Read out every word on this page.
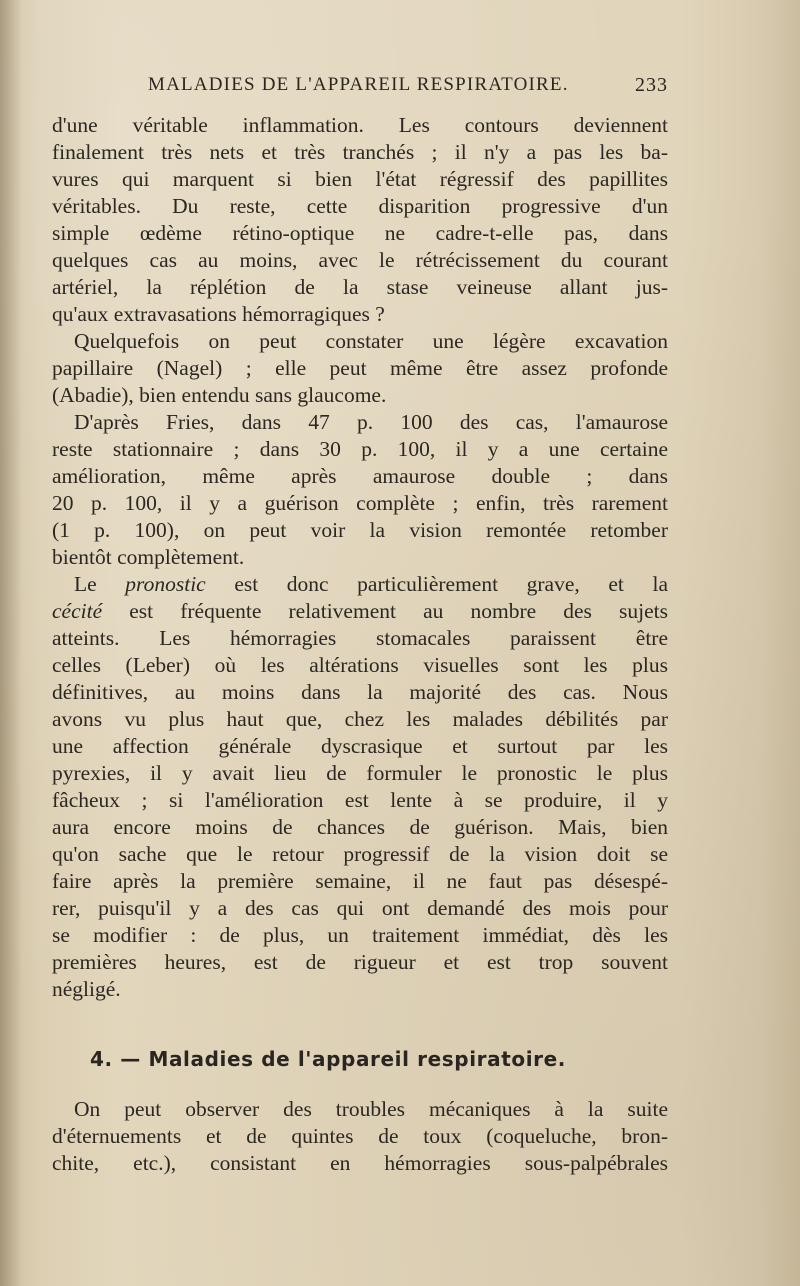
MALADIES DE L'APPAREIL RESPIRATOIRE.	233
d'une véritable inflammation. Les contours deviennent
finalement très nets et très tranchés ; il n'y a pas les ba-
vures qui marquent si bien l'état régressif des papillites
véritables. Du reste, cette disparition progressive d'un
simple œdème rétino-optique ne cadre-t-elle pas, dans
quelques cas au moins, avec le rétrécissement du courant
artériel, la réplétion de la stase veineuse allant jus-
qu'aux extravasations hémorragiques ?
Quelquefois on peut constater une légère excavation
papillaire (Nagel) ; elle peut même être assez profonde
(Abadie), bien entendu sans glaucome.
D'après Fries, dans 47 p. 100 des cas, l'amaurose
reste stationnaire ; dans 30 p. 100, il y a une certaine
amélioration, même après amaurose double ; dans
20 p. 100, il y a guérison complète ; enfin, très rarement
(1 p. 100), on peut voir la vision remontée retomber
bientôt complètement.
Le pronostic est donc particulièrement grave, et la
cécité est fréquente relativement au nombre des sujets
atteints. Les hémorragies stomacales paraissent être
celles (Leber) où les altérations visuelles sont les plus
définitives, au moins dans la majorité des cas. Nous
avons vu plus haut que, chez les malades débilités par
une affection générale dyscrasique et surtout par les
pyrexies, il y avait lieu de formuler le pronostic le plus
fâcheux ; si l'amélioration est lente à se produire, il y
aura encore moins de chances de guérison. Mais, bien
qu'on sache que le retour progressif de la vision doit se
faire après la première semaine, il ne faut pas désespé-
rer, puisqu'il y a des cas qui ont demandé des mois pour
se modifier : de plus, un traitement immédiat, dès les
premières heures, est de rigueur et est trop souvent
négligé.
4. — Maladies de l'appareil respiratoire.
On peut observer des troubles mécaniques à la suite
d'éternuements et de quintes de toux (coqueluche, bron-
chite, etc.), consistant en hémorragies sous-palpébrales
